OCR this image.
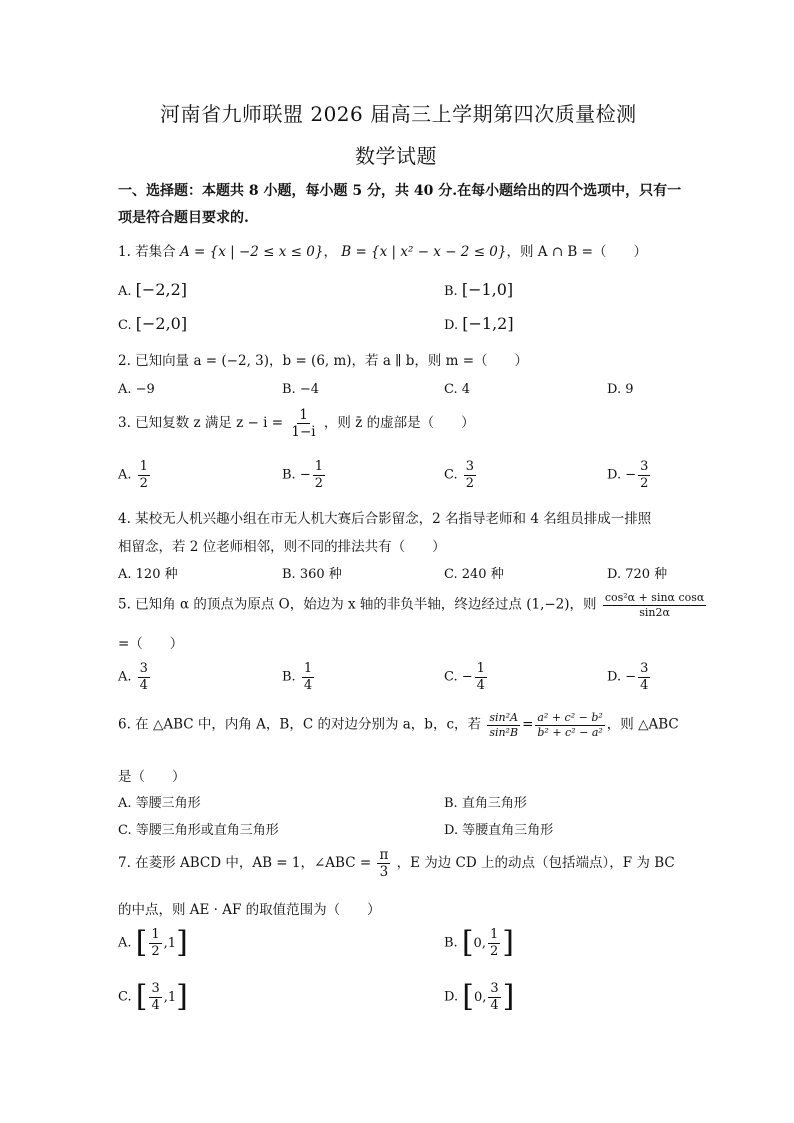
河南省九师联盟 2026 届高三上学期第四次质量检测
数学试题
一、选择题：本题共 8 小题，每小题 5 分，共 40 分.在每小题给出的四个选项中，只有一
项是符合题目要求的.
1. 若集合 A = {x | −2 ≤ x ≤ 0}， B = {x | x² − x − 2 ≤ 0}，则 A ∩ B =（　　）
A. [−2,2]	B. [−1,0]
C. [−2,0]	D. [−1,2]
2. 已知向量 a = (−2, 3)，b = (6, m)，若 a ∥ b，则 m =（　　）
A. −9	B. −4	C. 4	D. 9
3. 已知复数 z 满足 $z - i = \frac{1}{1-i}$ ，则 z̄ 的虚部是（　　）
A. $\frac{1}{2}$	B. − $\frac{1}{2}$	C. $\frac{3}{2}$	D. − $\frac{3}{2}$
4. 某校无人机兴趣小组在市无人机大赛后合影留念，2 名指导老师和 4 名组员排成一排照
相留念，若 2 位老师相邻，则不同的排法共有（　　）
A. 120 种	B. 360 种	C. 240 种	D. 720 种
5. 已知角 α 的顶点为原点 O，始边为 x 轴的非负半轴，终边经过点 (1,−2)，则 $\frac{\text{cos²α + sinα cosα}}{\sin 2\alpha}$
=（　　）
A. $\frac{3}{4}$	B. $\frac{1}{4}$	C. − $\frac{1}{4}$	D. − $\frac{3}{4}$
6. 在 △ABC 中，内角 A，B，C 的对边分别为 a，b，c，若 $\frac{\text{sin²A}}{\text{sin²B}} = \frac{\text{a² + c² − b²}}{\text{b² + c² − a²}}$ ，则 △ABC
是（　　）
A. 等腰三角形	B. 直角三角形
C. 等腰三角形或直角三角形	D. 等腰直角三角形
7. 在菱形 ABCD 中，AB = 1，∠ABC = $\frac{\pi}{3}$ ，E 为边 CD 上的动点（包括端点），F 为 BC
的中点，则 AE · AF 的取值范围为（　　）
A. [ $\frac{1}{2} ,1$ ]	B. [ 0, $\frac{1}{2}$ ]
C. [ $\frac{3}{4} ,1$ ]	D. [ 0, $\frac{3}{4}$ ]
